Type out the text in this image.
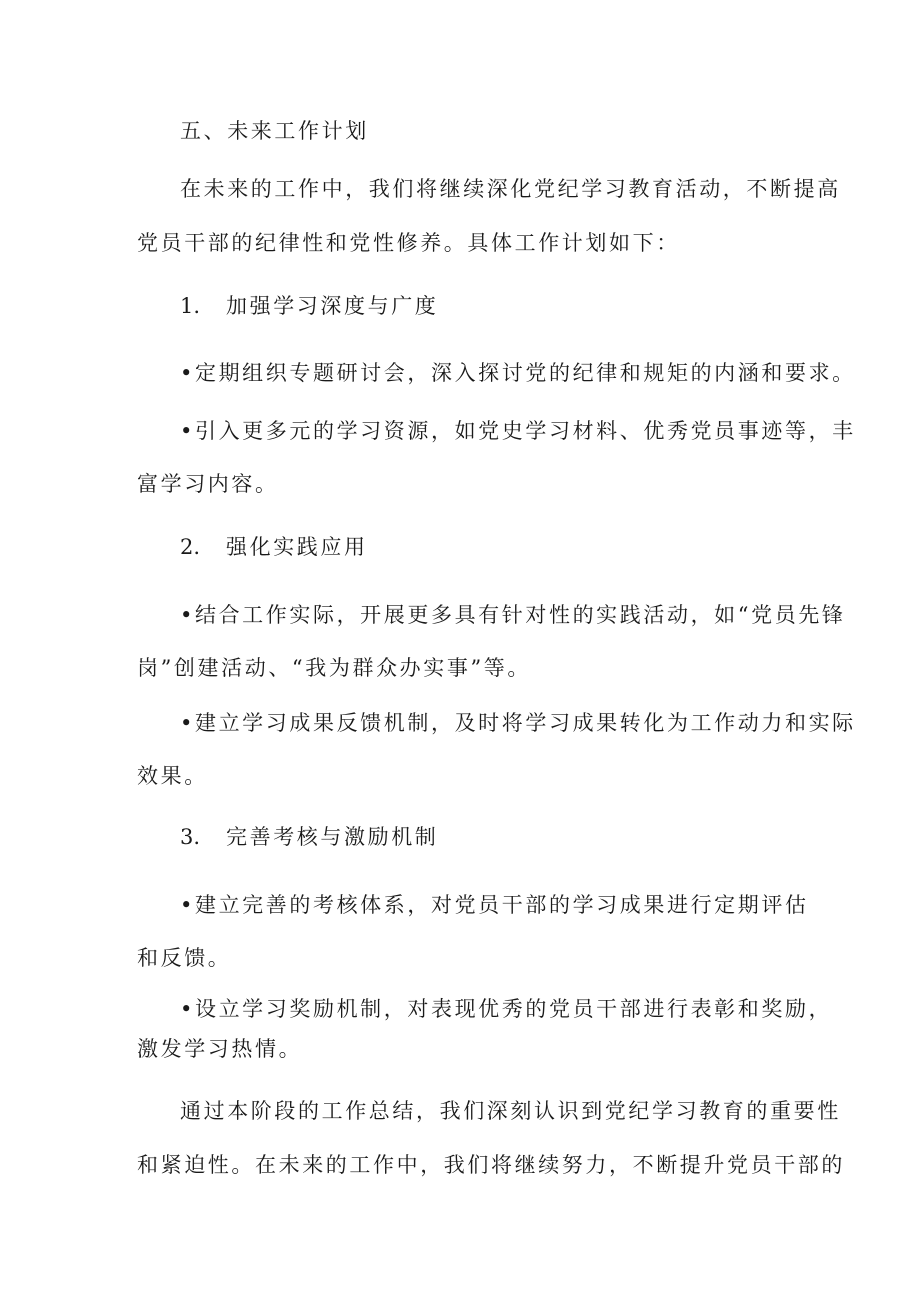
五、未来工作计划
在未来的工作中，我们将继续深化党纪学习教育活动，不断提高
党员干部的纪律性和党性修养。具体工作计划如下：
1. 加强学习深度与广度
•定期组织专题研讨会，深入探讨党的纪律和规矩的内涵和要求。
•引入更多元的学习资源，如党史学习材料、优秀党员事迹等，丰
富学习内容。
2. 强化实践应用
•结合工作实际，开展更多具有针对性的实践活动，如“党员先锋
岗”创建活动、“我为群众办实事”等。
•建立学习成果反馈机制，及时将学习成果转化为工作动力和实际
效果。
3. 完善考核与激励机制
•建立完善的考核体系，对党员干部的学习成果进行定期评估
和反馈。
•设立学习奖励机制，对表现优秀的党员干部进行表彰和奖励，
激发学习热情。
通过本阶段的工作总结，我们深刻认识到党纪学习教育的重要性
和紧迫性。在未来的工作中，我们将继续努力，不断提升党员干部的
